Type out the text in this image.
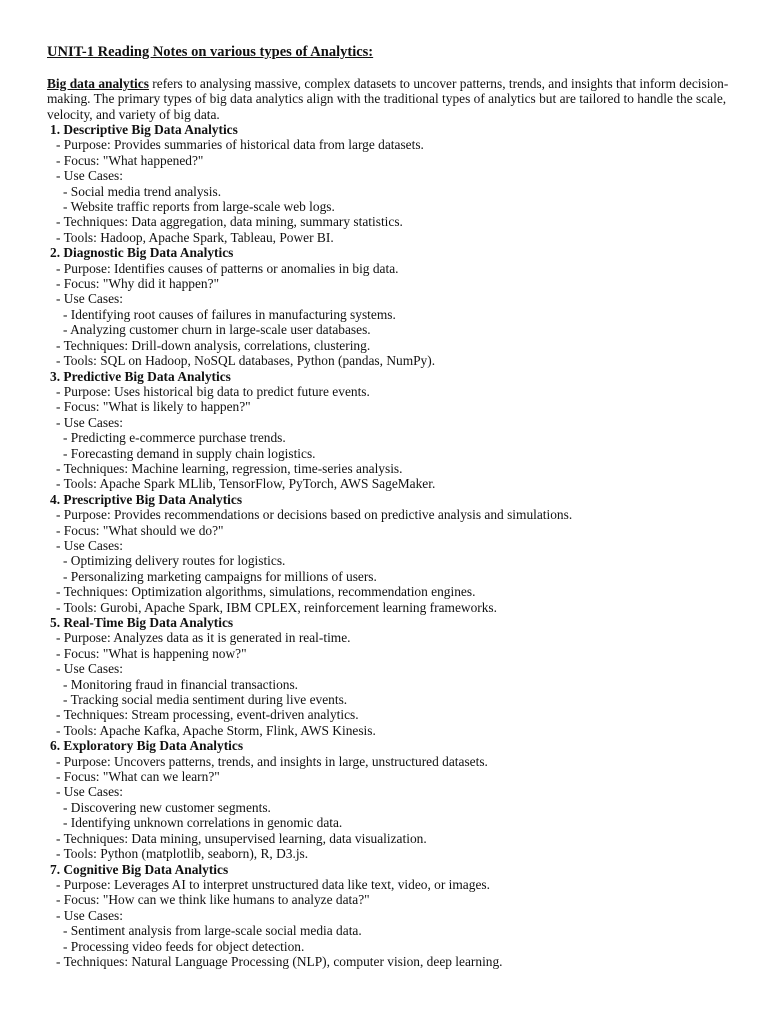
UNIT-1 Reading Notes on various types of Analytics:
Big data analytics refers to analysing massive, complex datasets to uncover patterns, trends, and insights that inform decision-making. The primary types of big data analytics align with the traditional types of analytics but are tailored to handle the scale, velocity, and variety of big data.
1. Descriptive Big Data Analytics
- Purpose: Provides summaries of historical data from large datasets.
- Focus: "What happened?"
- Use Cases:
- Social media trend analysis.
- Website traffic reports from large-scale web logs.
- Techniques: Data aggregation, data mining, summary statistics.
- Tools: Hadoop, Apache Spark, Tableau, Power BI.
2. Diagnostic Big Data Analytics
- Purpose: Identifies causes of patterns or anomalies in big data.
- Focus: "Why did it happen?"
- Use Cases:
- Identifying root causes of failures in manufacturing systems.
- Analyzing customer churn in large-scale user databases.
- Techniques: Drill-down analysis, correlations, clustering.
- Tools: SQL on Hadoop, NoSQL databases, Python (pandas, NumPy).
3. Predictive Big Data Analytics
- Purpose: Uses historical big data to predict future events.
- Focus: "What is likely to happen?"
- Use Cases:
- Predicting e-commerce purchase trends.
- Forecasting demand in supply chain logistics.
- Techniques: Machine learning, regression, time-series analysis.
- Tools: Apache Spark MLlib, TensorFlow, PyTorch, AWS SageMaker.
4. Prescriptive Big Data Analytics
- Purpose: Provides recommendations or decisions based on predictive analysis and simulations.
- Focus: "What should we do?"
- Use Cases:
- Optimizing delivery routes for logistics.
- Personalizing marketing campaigns for millions of users.
- Techniques: Optimization algorithms, simulations, recommendation engines.
- Tools: Gurobi, Apache Spark, IBM CPLEX, reinforcement learning frameworks.
5. Real-Time Big Data Analytics
- Purpose: Analyzes data as it is generated in real-time.
- Focus: "What is happening now?"
- Use Cases:
- Monitoring fraud in financial transactions.
- Tracking social media sentiment during live events.
- Techniques: Stream processing, event-driven analytics.
- Tools: Apache Kafka, Apache Storm, Flink, AWS Kinesis.
6. Exploratory Big Data Analytics
- Purpose: Uncovers patterns, trends, and insights in large, unstructured datasets.
- Focus: "What can we learn?"
- Use Cases:
- Discovering new customer segments.
- Identifying unknown correlations in genomic data.
- Techniques: Data mining, unsupervised learning, data visualization.
- Tools: Python (matplotlib, seaborn), R, D3.js.
7. Cognitive Big Data Analytics
- Purpose: Leverages AI to interpret unstructured data like text, video, or images.
- Focus: "How can we think like humans to analyze data?"
- Use Cases:
- Sentiment analysis from large-scale social media data.
- Processing video feeds for object detection.
- Techniques: Natural Language Processing (NLP), computer vision, deep learning.
